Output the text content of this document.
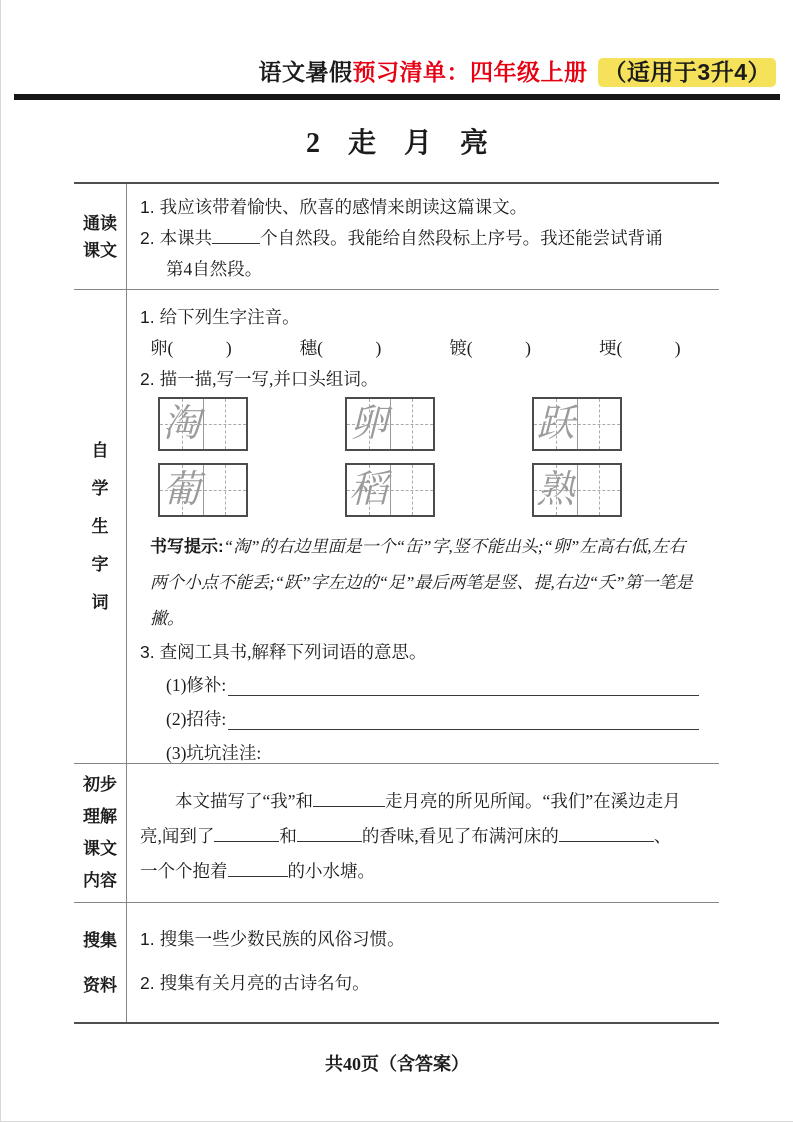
语文暑假预习清单：四年级上册 （适用于3升4）
2　走　月　亮
通读
课文
1. 我应该带着愉快、欣喜的感情来朗读这篇课文。
2. 本课共	个自然段。我能给自然段标上序号。我还能尝试背诵
第4自然段。
自
学
生
字
词
1. 给下列生字注音。
卵(　　　)	穗(　　　)	镀(　　　)	埂(　　　)
2. 描一描,写一写,并口头组词。
淘	卵	跃
葡	稻	熟
书写提示:“淘”的右边里面是一个“缶”字,竖不能出头;“卵”左高右低,左右两个小点不能丢;“跃”字左边的“足”最后两笔是竖、提,右边“夭”第一笔是撇。
3. 查阅工具书,解释下列词语的意思。
(1)修补:
(2)招待:
(3)坑坑洼洼:
初步
理解
课文
内容
本文描写了“我”和	走月亮的所见所闻。“我们”在溪边走月亮,闻到了	和	的香味,看见了布满河床的	、一个个抱着	的小水塘。
搜集
资料
1. 搜集一些少数民族的风俗习惯。
2. 搜集有关月亮的古诗名句。
共40页（含答案）
